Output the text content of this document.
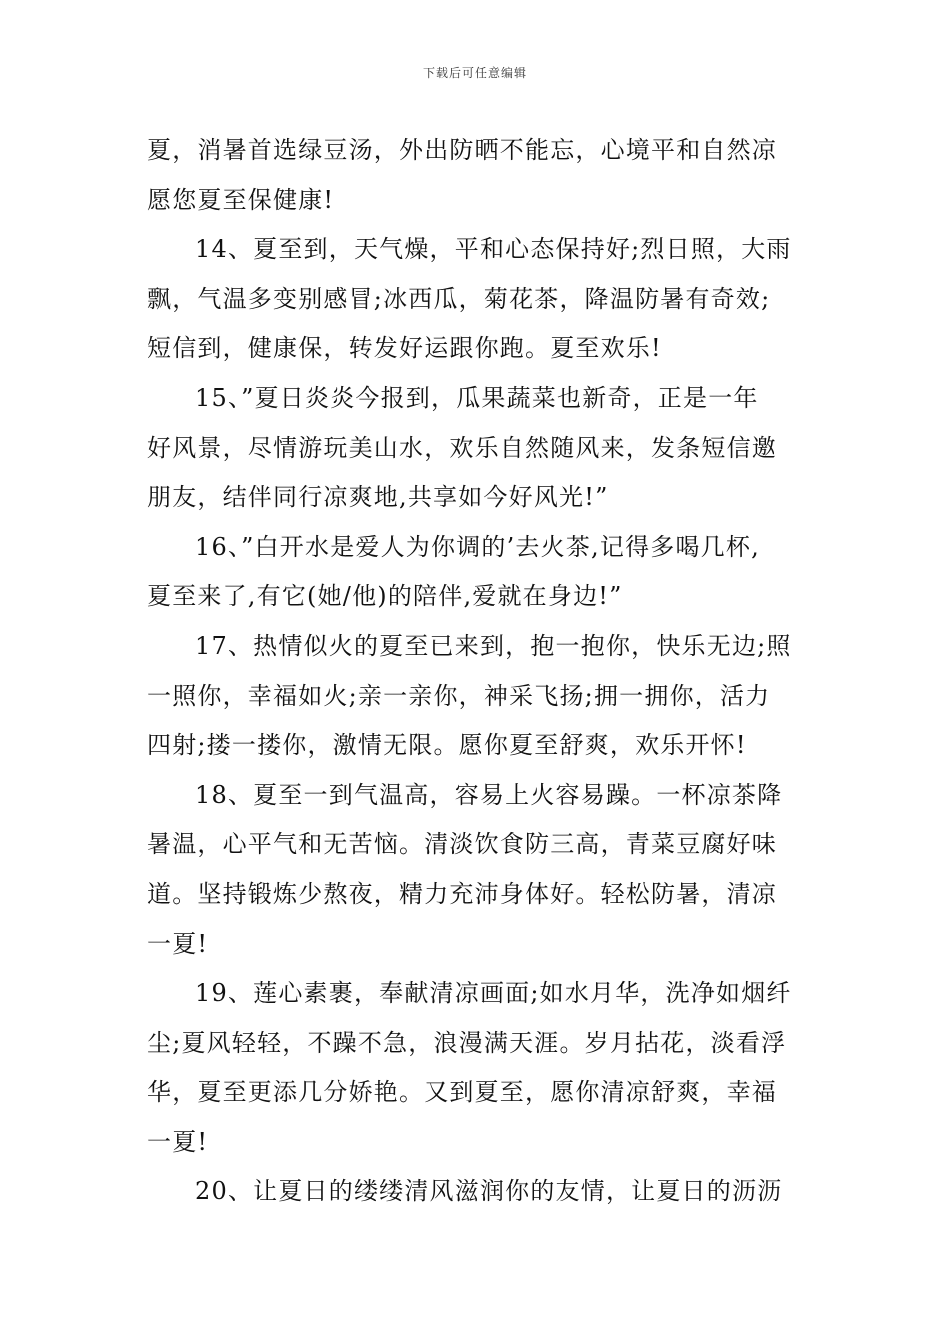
下载后可任意编辑

夏，消暑首选绿豆汤，外出防晒不能忘，心境平和自然凉
愿您夏至保健康!

14、夏至到，天气燥，平和心态保持好;烈日照，大雨
飘，气温多变别感冒;冰西瓜，菊花茶，降温防暑有奇效;
短信到，健康保，转发好运跟你跑。夏至欢乐!

15、”夏日炎炎今报到，瓜果蔬菜也新奇，正是一年
好风景，尽情游玩美山水，欢乐自然随风来，发条短信邀
朋友，结伴同行凉爽地,共享如今好风光!”

16、”白开水是爱人为你调的’去火茶,记得多喝几杯,
夏至来了,有它(她/他)的陪伴,爱就在身边!”

17、热情似火的夏至已来到，抱一抱你，快乐无边;照
一照你，幸福如火;亲一亲你，神采飞扬;拥一拥你，活力
四射;搂一搂你，激情无限。愿你夏至舒爽，欢乐开怀!

18、夏至一到气温高，容易上火容易躁。一杯凉茶降
暑温，心平气和无苦恼。清淡饮食防三高，青菜豆腐好味
道。坚持锻炼少熬夜，精力充沛身体好。轻松防暑，清凉
一夏!

19、莲心素裹，奉献清凉画面;如水月华，洗净如烟纤
尘;夏风轻轻，不躁不急，浪漫满天涯。岁月拈花，淡看浮
华，夏至更添几分娇艳。又到夏至，愿你清凉舒爽，幸福
一夏!

20、让夏日的缕缕清风滋润你的友情，让夏日的沥沥
